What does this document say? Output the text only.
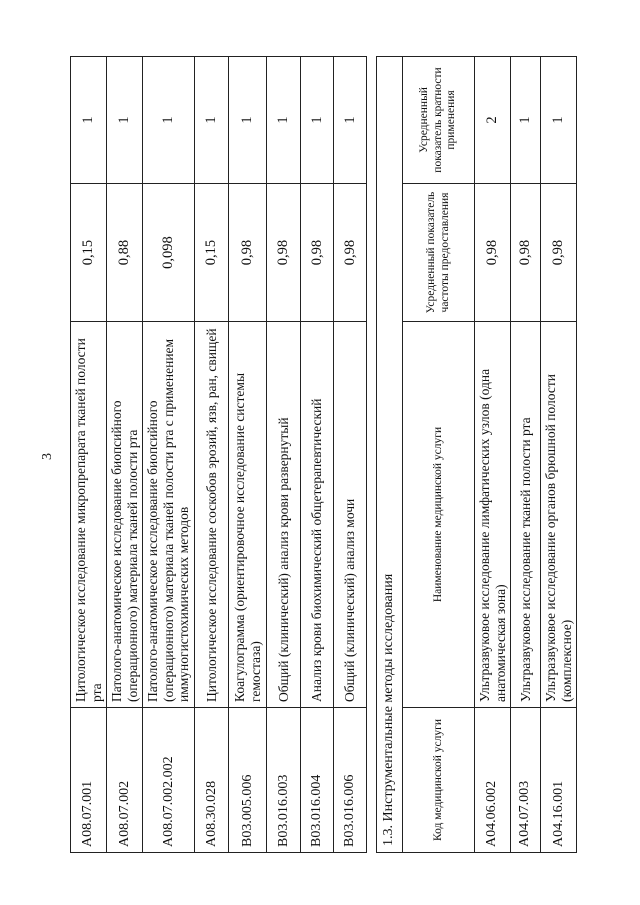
3
A08.07.001	Цитологическое исследование микропрепарата тканей полости рта	0,15	1
A08.07.002	Патолого-анатомическое исследование биопсийного (операционного) материала тканей полости рта	0,88	1
A08.07.002.002	Патолого-анатомическое исследование биопсийного (операционного) материала тканей полости рта с применением иммуногистохимических методов	0,098	1
A08.30.028	Цитологическое исследование соскобов эрозий, язв, ран, свищей	0,15	1
B03.005.006	Коагулограмма (ориентировочное исследование системы гемостаза)	0,98	1
B03.016.003	Общий (клинический) анализ крови развернутый	0,98	1
B03.016.004	Анализ крови биохимический общетерапевтический	0,98	1
B03.016.006	Общий (клинический) анализ мочи	0,98	1
1.3. Инструментальные методы исследования			
Код медицинской услуги	Наименование медицинской услуги	Усредненный показатель частоты предоставления	Усредненный показатель кратности применения
A04.06.002	Ультразвуковое исследование лимфатических узлов (одна анатомическая зона)	0,98	2
A04.07.003	Ультразвуковое исследование тканей полости рта	0,98	1
A04.16.001	Ультразвуковое исследование органов брюшной полости (комплексное)	0,98	1
